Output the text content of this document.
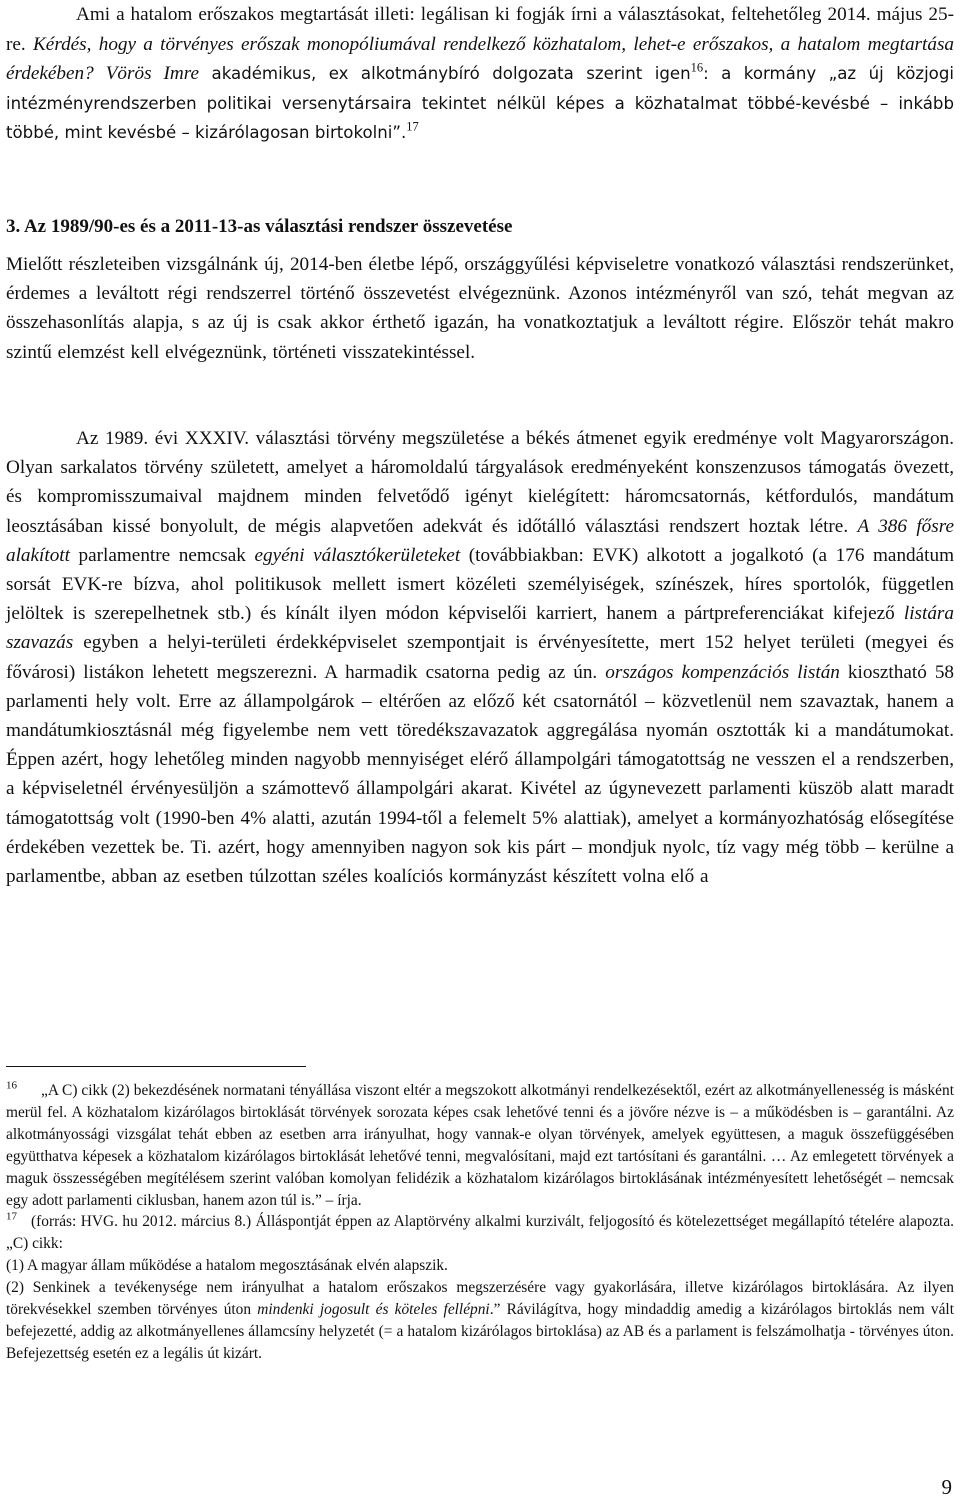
Ami a hatalom erőszakos megtartását illeti: legálisan ki fogják írni a választásokat, feltehetőleg 2014. május 25-re. Kérdés, hogy a törvényes erőszak monopóliumával rendelkező közhatalom, lehet-e erőszakos, a hatalom megtartása érdekében? Vörös Imre akadémikus, ex alkotmánybíró dolgozata szerint igen$^{16}$: a kormány „az új közjogi intézményrendszerben politikai versenytársaira tekintet nélkül képes a közhatalmat többé-kevésbé – inkább többé, mint kevésbé – kizárólagosan birtokolni”.$^{17}$

3. Az 1989/90-es és a 2011-13-as választási rendszer összevetése

Mielőtt részleteiben vizsgálnánk új, 2014-ben életbe lépő, országgyűlési képviseletre vonatkozó választási rendszerünket, érdemes a leváltott régi rendszerrel történő összevetést elvégeznünk. Azonos intézményről van szó, tehát megvan az összehasonlítás alapja, s az új is csak akkor érthető igazán, ha vonatkoztatjuk a leváltott régire. Először tehát makro szintű elemzést kell elvégeznünk, történeti visszatekintéssel.

Az 1989. évi XXXIV. választási törvény megszületése a békés átmenet egyik eredménye volt Magyarországon. Olyan sarkalatos törvény született, amelyet a háromoldalú tárgyalások eredményeként konszenzusos támogatás övezett, és kompromisszumaival majdnem minden felvetődő igényt kielégített: háromcsatornás, kétfordulós, mandátum leosztásában kissé bonyolult, de mégis alapvetően adekvát és időtálló választási rendszert hoztak létre. A 386 fősre alakított parlamentre nemcsak egyéni választókerületeket (továbbiakban: EVK) alkotott a jogalkotó (a 176 mandátum sorsát EVK-re bízva, ahol politikusok mellett ismert közéleti személyiségek, színészek, híres sportolók, független jelöltek is szerepelhetnek stb.) és kínált ilyen módon képviselői karriert, hanem a pártpreferenciákat kifejező listára szavazás egyben a helyi-területi érdekképviselet szempontjait is érvényesítette, mert 152 helyet területi (megyei és fővárosi) listákon lehetett megszerezni. A harmadik csatorna pedig az ún. országos kompenzációs listán kiosztható 58 parlamenti hely volt. Erre az állampolgárok – eltérően az előző két csatornától – közvetlenül nem szavaztak, hanem a mandátumkiosztásnál még figyelembe nem vett töredékszavazatok aggregálása nyomán osztották ki a mandátumokat. Éppen azért, hogy lehetőleg minden nagyobb mennyiséget elérő állampolgári támogatottság ne vesszen el a rendszerben, a képviseletnél érvényesüljön a számottevő állampolgári akarat. Kivétel az úgynevezett parlamenti küszöb alatt maradt támogatottság volt (1990-ben 4% alatti, azután 1994-től a felemelt 5% alattiak), amelyet a kormányozhatóság elősegítése érdekében vezettek be. Ti. azért, hogy amennyiben nagyon sok kis párt – mondjuk nyolc, tíz vagy még több – kerülne a parlamentbe, abban az esetben túlzottan széles koalíciós kormányzást készített volna elő a

$^{16}$ „A C) cikk (2) bekezdésének normatani tényállása viszont eltér a megszokott alkotmányi rendelkezésektől, ezért az alkotmányellenesség is másként merül fel. A közhatalom kizárólagos birtoklását törvények sorozata képes csak lehetővé tenni és a jövőre nézve is – a működésben is – garantálni. Az alkotmányossági vizsgálat tehát ebben az esetben arra irányulhat, hogy vannak-e olyan törvények, amelyek együttesen, a maguk összefüggésében együtthatva képesek a közhatalom kizárólagos birtoklását lehetővé tenni, megvalósítani, majd ezt tartósítani és garantálni. … Az emlegetett törvények a maguk összességében megítélésem szerint valóban komolyan felidézik a közhatalom kizárólagos birtoklásának intézményesített lehetőségét – nemcsak egy adott parlamenti ciklusban, hanem azon túl is.” – írja.

$^{17}$ (forrás: HVG. hu 2012. március 8.) Álláspontját éppen az Alaptörvény alkalmi kurzivált, feljogosító és kötelezettséget megállapító tételére alapozta. „C) cikk:

(1) A magyar állam működése a hatalom megosztásának elvén alapszik.

(2) Senkinek a tevékenysége nem irányulhat a hatalom erőszakos megszerzésére vagy gyakorlására, illetve kizárólagos birtoklására. Az ilyen törekvésekkel szemben törvényes úton mindenki jogosult és köteles fellépni.” Rávilágítva, hogy mindaddig amedig a kizárólagos birtoklás nem vált befejezetté, addig az alkotmányellenes államcsíny helyzetét (= a hatalom kizárólagos birtoklása) az AB és a parlament is felszámolhatja - törvényes úton. Befejezettség esetén ez a legális út kizárt.

9
